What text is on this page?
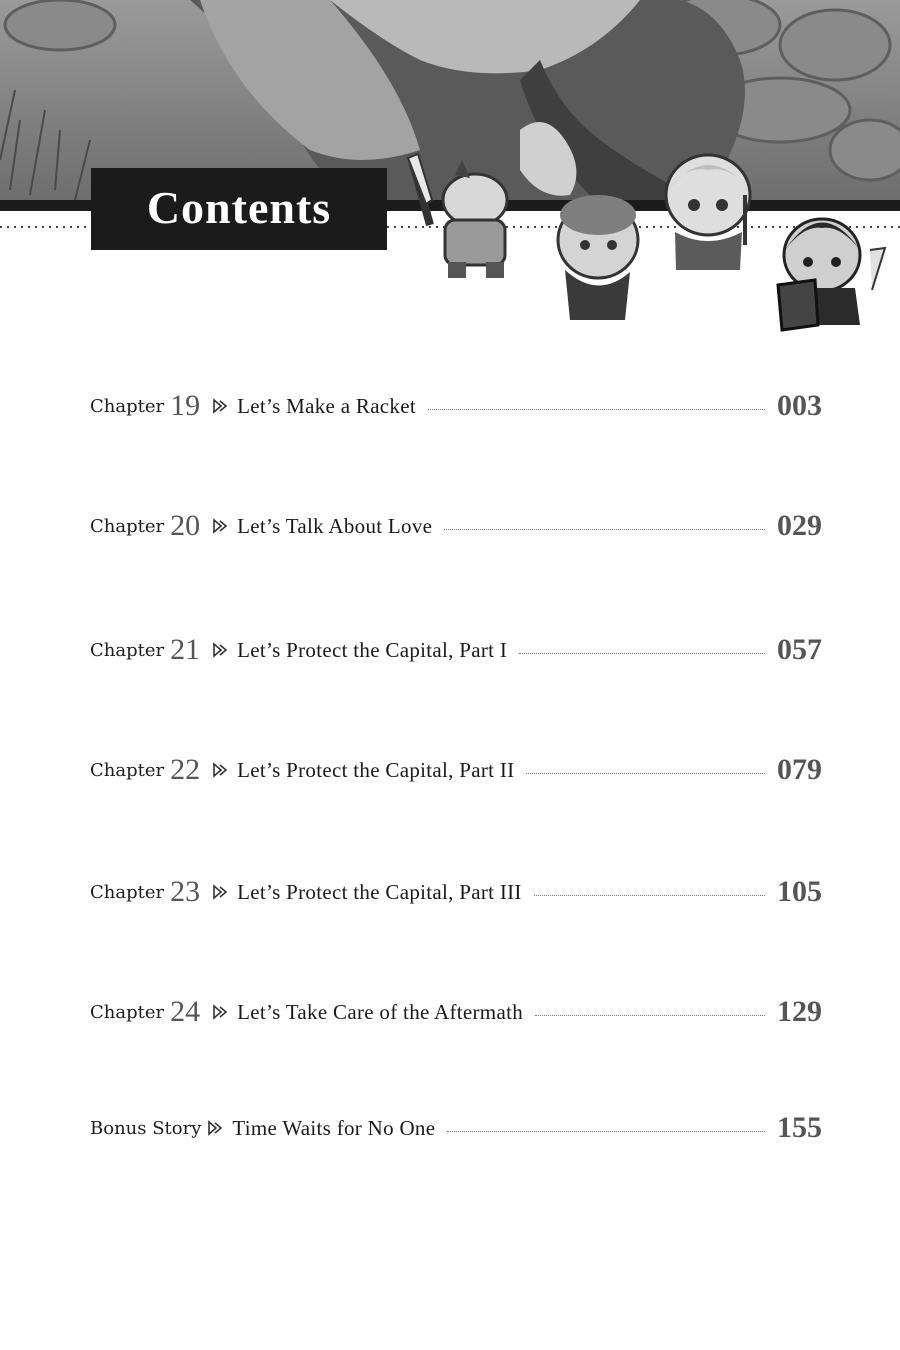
Contents
Chapter 19 Let’s Make a Racket	003
Chapter 20 Let’s Talk About Love	029
Chapter 21 Let’s Protect the Capital, Part I	057
Chapter 22 Let’s Protect the Capital, Part II	079
Chapter 23 Let’s Protect the Capital, Part III	105
Chapter 24 Let’s Take Care of the Aftermath	129
Bonus Story Time Waits for No One	155
